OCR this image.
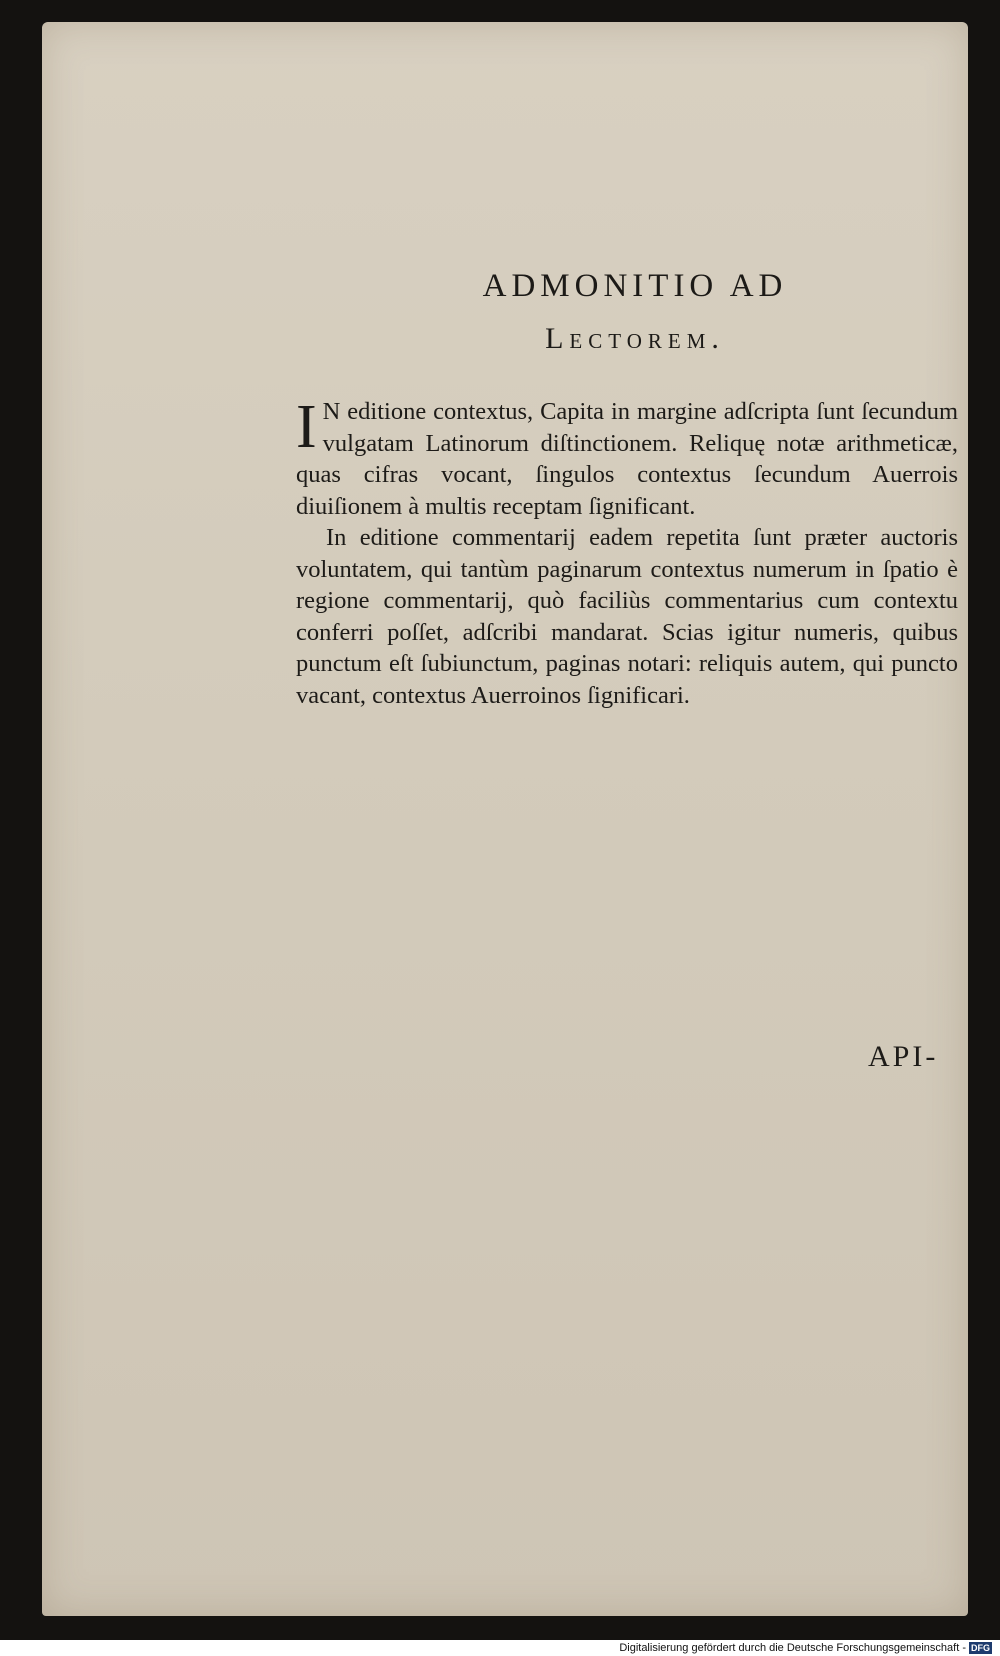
ADMONITIO AD
Lectorem.

I N editione contextus, Capita in margine adſcripta ſunt ſecundum vulgatam Latinorum diſtinctionem. Reliquę notæ arithmeticæ, quas cifras vocant, ſingulos contextus ſecundum Auerrois diuiſionem à multis receptam ſignificant.

In editione commentarij eadem repetita ſunt præter auctoris voluntatem, qui tantùm paginarum contextus numerum in ſpatio è regione commentarij, quò faciliùs commentarius cum contextu conferri poſſet, adſcribi mandarat. Scias igitur numeris, quibus punctum eſt ſubiunctum, paginas notari: reliquis autem, qui puncto vacant, contextus Auerroinos ſignificari.

API-
Digitalisierung gefördert durch die Deutsche Forschungsgemeinschaft - DFG
